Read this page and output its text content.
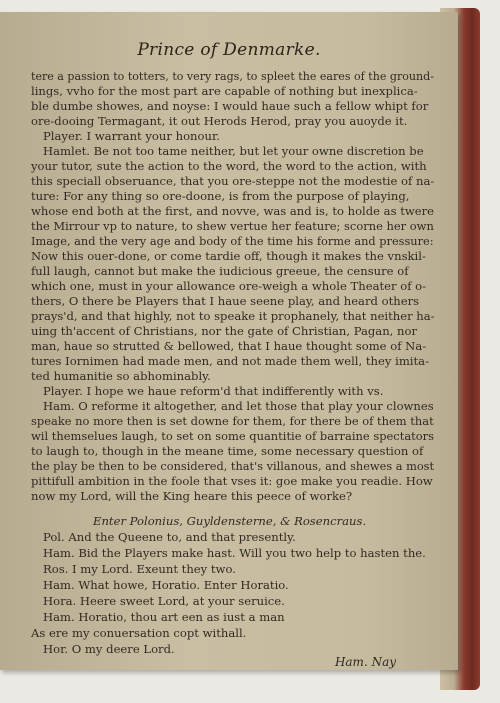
Prince of Denmarke.
tere a passion to totters, to very rags, to spleet the eares of the ground-
lings, vvho for the most part are capable of nothing but inexplica-
ble dumbe showes, and noyse: I would haue such a fellow whipt for
ore-dooing Termagant, it out Herods Herod, pray you auoyde it.
Player. I warrant your honour.
Hamlet. Be not too tame neither, but let your owne discretion be
your tutor, sute the action to the word, the word to the action, with
this speciall obseruance, that you ore-steppe not the modestie of na-
ture: For any thing so ore-doone, is from the purpose of playing,
whose end both at the first, and novve, was and is, to holde as twere
the Mirrour vp to nature, to shew vertue her feature; scorne her own
Image, and the very age and body of the time his forme and pressure:
Now this ouer-done, or come tardie off, though it makes the vnskil-
full laugh, cannot but make the iudicious greeue, the censure of
which one, must in your allowance ore-weigh a whole Theater of o-
thers, O there be Players that I haue seene play, and heard others
prays'd, and that highly, not to speake it prophanely, that neither ha-
uing th'accent of Christians, nor the gate of Christian, Pagan, nor
man, haue so strutted & bellowed, that I haue thought some of Na-
tures Iornimen had made men, and not made them well, they imita-
ted humanitie so abhominably.
Player. I hope we haue reform'd that indifferently with vs.
Ham. O reforme it altogether, and let those that play your clownes
speake no more then is set downe for them, for there be of them that
wil themselues laugh, to set on some quantitie of barraine spectators
to laugh to, though in the meane time, some necessary question of
the play be then to be considered, that's villanous, and shewes a most
pittifull ambition in the foole that vses it: goe make you readie. How
now my Lord, will the King heare this peece of worke?
Enter Polonius, Guyldensterne, & Rosencraus.
Pol. And the Queene to, and that presently.
Ham. Bid the Players make hast. Will you two help to hasten the.
Ros. I my Lord. Exeunt they two.
Ham. What howe, Horatio. Enter Horatio.
Hora. Heere sweet Lord, at your seruice.
Ham. Horatio, thou art een as iust a man
As ere my conuersation copt withall.
Hor. O my deere Lord.
Ham. Nay
